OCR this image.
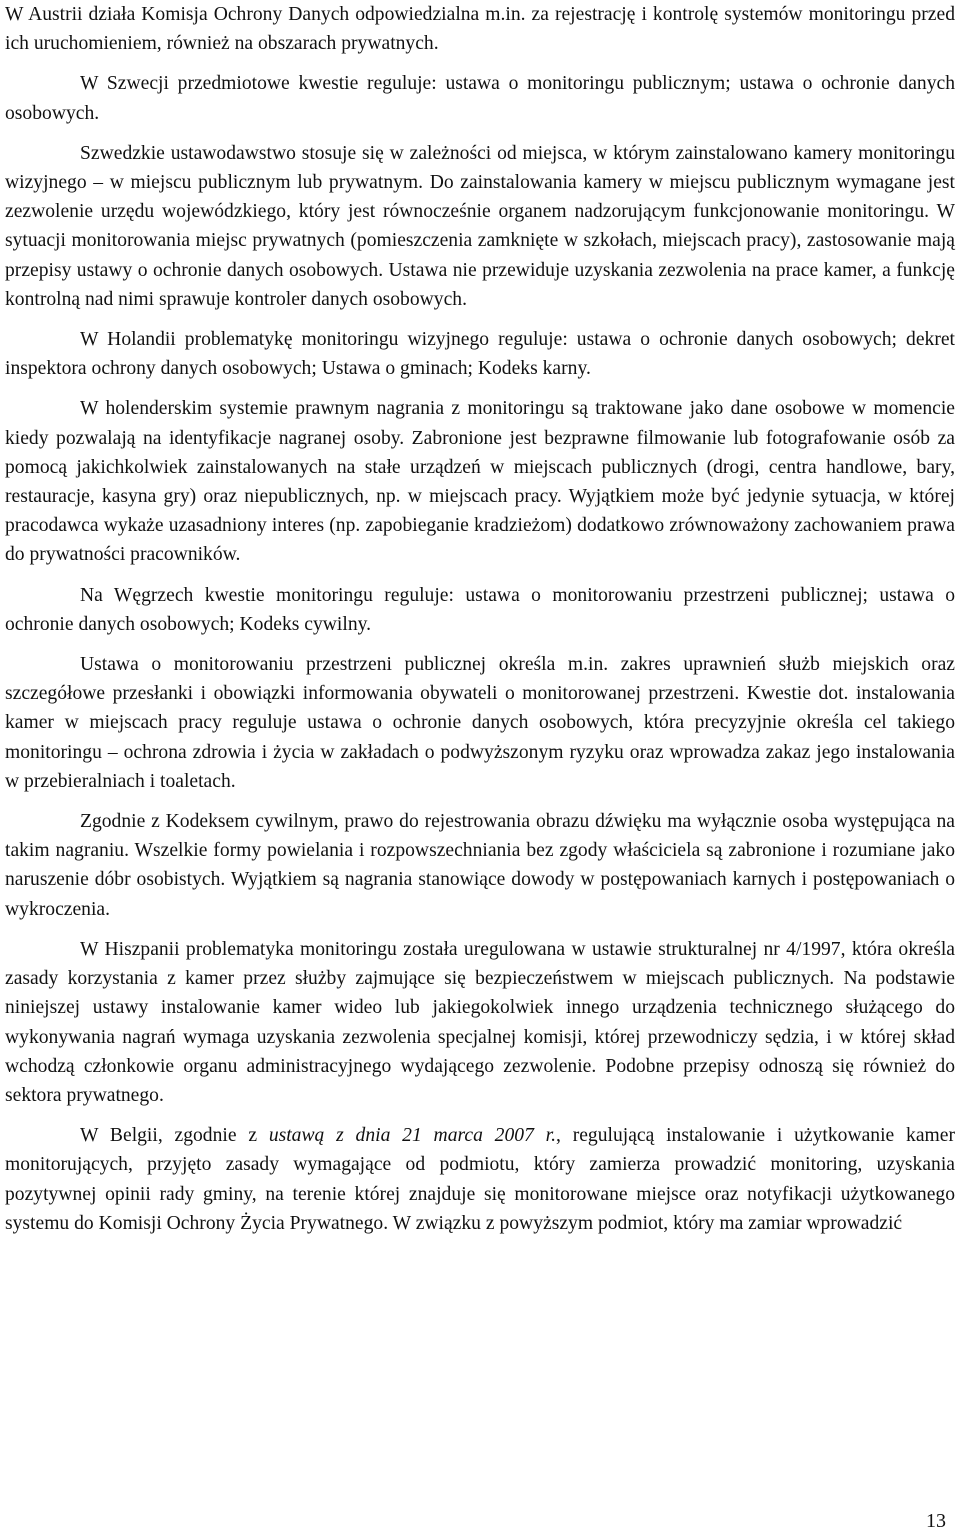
W Austrii działa Komisja Ochrony Danych odpowiedzialna m.in. za rejestrację i kontrolę systemów monitoringu przed ich uruchomieniem, również na obszarach prywatnych.

W Szwecji przedmiotowe kwestie reguluje: ustawa o monitoringu publicznym; ustawa o ochronie danych osobowych.

Szwedzkie ustawodawstwo stosuje się w zależności od miejsca, w którym zainstalowano kamery monitoringu wizyjnego – w miejscu publicznym lub prywatnym. Do zainstalowania kamery w miejscu publicznym wymagane jest zezwolenie urzędu wojewódzkiego, który jest równocześnie organem nadzorującym funkcjonowanie monitoringu. W sytuacji monitorowania miejsc prywatnych (pomieszczenia zamknięte w szkołach, miejscach pracy), zastosowanie mają przepisy ustawy o ochronie danych osobowych. Ustawa nie przewiduje uzyskania zezwolenia na prace kamer, a funkcję kontrolną nad nimi sprawuje kontroler danych osobowych.

W Holandii problematykę monitoringu wizyjnego reguluje: ustawa o ochronie danych osobowych; dekret inspektora ochrony danych osobowych; Ustawa o gminach; Kodeks karny.

W holenderskim systemie prawnym nagrania z monitoringu są traktowane jako dane osobowe w momencie kiedy pozwalają na identyfikacje nagranej osoby. Zabronione jest bezprawne filmowanie lub fotografowanie osób za pomocą jakichkolwiek zainstalowanych na stałe urządzeń w miejscach publicznych (drogi, centra handlowe, bary, restauracje, kasyna gry) oraz niepublicznych, np. w miejscach pracy. Wyjątkiem może być jedynie sytuacja, w której pracodawca wykaże uzasadniony interes (np. zapobieganie kradzieżom) dodatkowo zrównoważony zachowaniem prawa do prywatności pracowników.

Na Węgrzech kwestie monitoringu reguluje: ustawa o monitorowaniu przestrzeni publicznej; ustawa o ochronie danych osobowych; Kodeks cywilny.

Ustawa o monitorowaniu przestrzeni publicznej określa m.in. zakres uprawnień służb miejskich oraz szczegółowe przesłanki i obowiązki informowania obywateli o monitorowanej przestrzeni. Kwestie dot. instalowania kamer w miejscach pracy reguluje ustawa o ochronie danych osobowych, która precyzyjnie określa cel takiego monitoringu – ochrona zdrowia i życia w zakładach o podwyższonym ryzyku oraz wprowadza zakaz jego instalowania w przebieralniach i toaletach.

Zgodnie z Kodeksem cywilnym, prawo do rejestrowania obrazu dźwięku ma wyłącznie osoba występująca na takim nagraniu. Wszelkie formy powielania i rozpowszechniania bez zgody właściciela są zabronione i rozumiane jako naruszenie dóbr osobistych. Wyjątkiem są nagrania stanowiące dowody w postępowaniach karnych i postępowaniach o wykroczenia.

W Hiszpanii problematyka monitoringu została uregulowana w ustawie strukturalnej nr 4/1997, która określa zasady korzystania z kamer przez służby zajmujące się bezpieczeństwem w miejscach publicznych. Na podstawie niniejszej ustawy instalowanie kamer wideo lub jakiegokolwiek innego urządzenia technicznego służącego do wykonywania nagrań wymaga uzyskania zezwolenia specjalnej komisji, której przewodniczy sędzia, i w której skład wchodzą członkowie organu administracyjnego wydającego zezwolenie. Podobne przepisy odnoszą się również do sektora prywatnego.

W Belgii, zgodnie z ustawą z dnia 21 marca 2007 r., regulującą instalowanie i użytkowanie kamer monitorujących, przyjęto zasady wymagające od podmiotu, który zamierza prowadzić monitoring, uzyskania pozytywnej opinii rady gminy, na terenie której znajduje się monitorowane miejsce oraz notyfikacji użytkowanego systemu do Komisji Ochrony Życia Prywatnego. W związku z powyższym podmiot, który ma zamiar wprowadzić

13
